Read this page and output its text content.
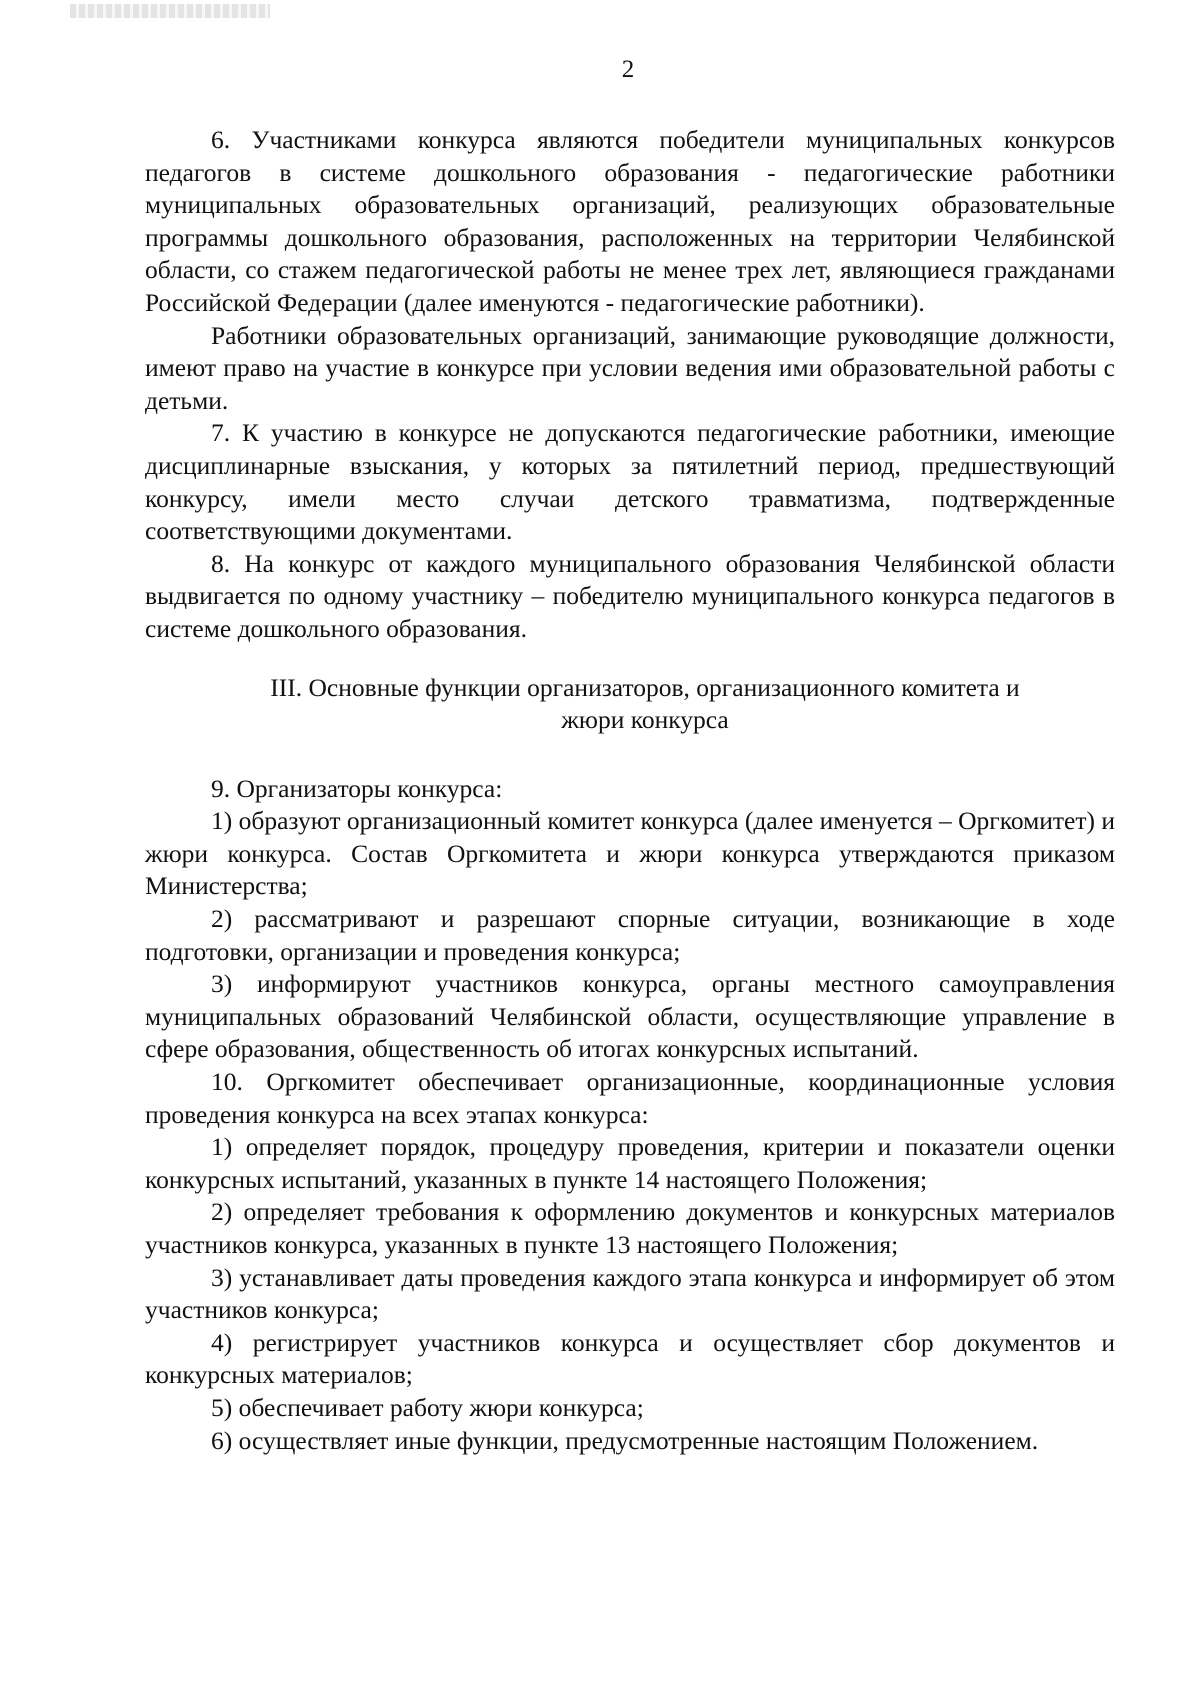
2

6. Участниками конкурса являются победители муниципальных конкурсов педагогов в системе дошкольного образования - педагогические работники муниципальных образовательных организаций, реализующих образовательные программы дошкольного образования, расположенных на территории Челябинской области, со стажем педагогической работы не менее трех лет, являющиеся гражданами Российской Федерации (далее именуются - педагогические работники).

Работники образовательных организаций, занимающие руководящие должности, имеют право на участие в конкурсе при условии ведения ими образовательной работы с детьми.

7. К участию в конкурсе не допускаются педагогические работники, имеющие дисциплинарные взыскания, у которых за пятилетний период, предшествующий конкурсу, имели место случаи детского травматизма, подтвержденные соответствующими документами.

8. На конкурс от каждого муниципального образования Челябинской области выдвигается по одному участнику – победителю муниципального конкурса педагогов в системе дошкольного образования.

III. Основные функции организаторов, организационного комитета и

жюри конкурса

9. Организаторы конкурса:

1) образуют организационный комитет конкурса (далее именуется – Оргкомитет) и жюри конкурса. Состав Оргкомитета и жюри конкурса утверждаются приказом Министерства;

2) рассматривают и разрешают спорные ситуации, возникающие в ходе подготовки, организации и проведения конкурса;

3) информируют участников конкурса, органы местного самоуправления муниципальных образований Челябинской области, осуществляющие управление в сфере образования, общественность об итогах конкурсных испытаний.

10. Оргкомитет обеспечивает организационные, координационные условия проведения конкурса на всех этапах конкурса:

1) определяет порядок, процедуру проведения, критерии и показатели оценки конкурсных испытаний, указанных в пункте 14 настоящего Положения;

2) определяет требования к оформлению документов и конкурсных материалов участников конкурса, указанных в пункте 13 настоящего Положения;

3) устанавливает даты проведения каждого этапа конкурса и информирует об этом участников конкурса;

4) регистрирует участников конкурса и осуществляет сбор документов и конкурсных материалов;

5) обеспечивает работу жюри конкурса;

6) осуществляет иные функции, предусмотренные настоящим Положением.
